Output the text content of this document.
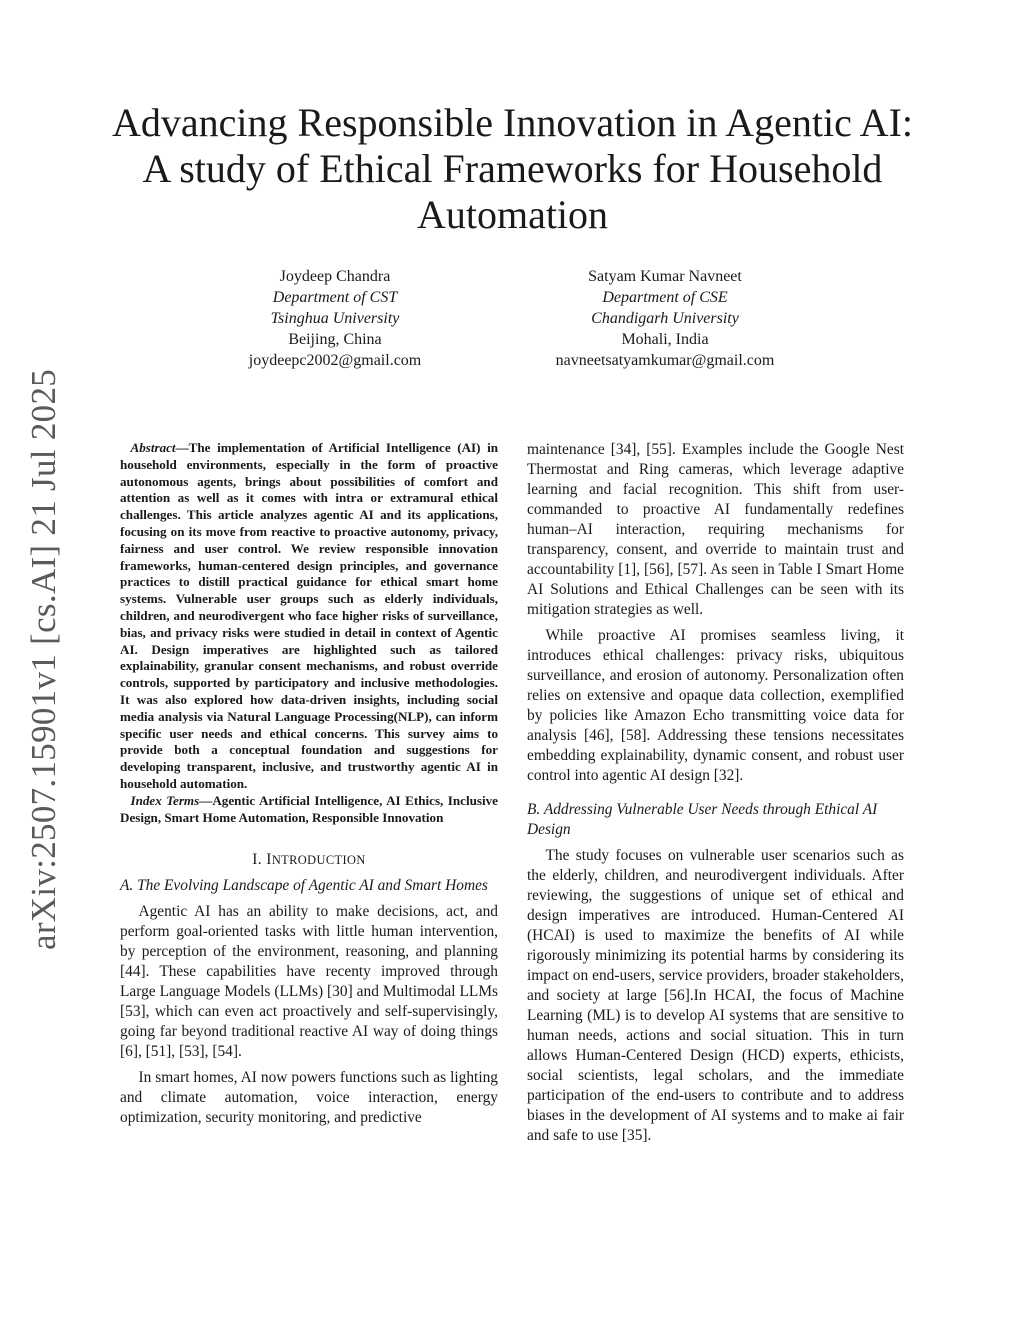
arXiv:2507.15901v1 [cs.AI] 21 Jul 2025
Advancing Responsible Innovation in Agentic AI: A study of Ethical Frameworks for Household Automation
Joydeep Chandra
Department of CST
Tsinghua University
Beijing, China
joydeepc2002@gmail.com
Satyam Kumar Navneet
Department of CSE
Chandigarh University
Mohali, India
navneetsatyamkumar@gmail.com

Abstract—The implementation of Artificial Intelligence (AI) in household environments, especially in the form of proactive autonomous agents, brings about possibilities of comfort and attention as well as it comes with intra or extramural ethical challenges. This article analyzes agentic AI and its applications, focusing on its move from reactive to proactive autonomy, privacy, fairness and user control. We review responsible innovation frameworks, human-centered design principles, and governance practices to distill practical guidance for ethical smart home systems. Vulnerable user groups such as elderly individuals, children, and neurodivergent who face higher risks of surveillance, bias, and privacy risks were studied in detail in context of Agentic AI. Design imperatives are highlighted such as tailored explainability, granular consent mechanisms, and robust override controls, supported by participatory and inclusive methodologies. It was also explored how data-driven insights, including social media analysis via Natural Language Processing(NLP), can inform specific user needs and ethical concerns. This survey aims to provide both a conceptual foundation and suggestions for developing transparent, inclusive, and trustworthy agentic AI in household automation.

Index Terms—Agentic Artificial Intelligence, AI Ethics, Inclusive Design, Smart Home Automation, Responsible Innovation

I. INTRODUCTION
A. The Evolving Landscape of Agentic AI and Smart Homes

Agentic AI has an ability to make decisions, act, and perform goal-oriented tasks with little human intervention, by perception of the environment, reasoning, and planning [44]. These capabilities have recenty improved through Large Language Models (LLMs) [30] and Multimodal LLMs [53], which can even act proactively and self-supervisingly, going far beyond traditional reactive AI way of doing things [6], [51], [53], [54].

In smart homes, AI now powers functions such as lighting and climate automation, voice interaction, energy optimization, security monitoring, and predictive

maintenance [34], [55]. Examples include the Google Nest Thermostat and Ring cameras, which leverage adaptive learning and facial recognition. This shift from user-commanded to proactive AI fundamentally redefines human–AI interaction, requiring mechanisms for transparency, consent, and override to maintain trust and accountability [1], [56], [57]. As seen in Table I Smart Home AI Solutions and Ethical Challenges can be seen with its mitigation strategies as well.

While proactive AI promises seamless living, it introduces ethical challenges: privacy risks, ubiquitous surveillance, and erosion of autonomy. Personalization often relies on extensive and opaque data collection, exemplified by policies like Amazon Echo transmitting voice data for analysis [46], [58]. Addressing these tensions necessitates embedding explainability, dynamic consent, and robust user control into agentic AI design [32].

B. Addressing Vulnerable User Needs through Ethical AI Design

The study focuses on vulnerable user scenarios such as the elderly, children, and neurodivergent individuals. After reviewing, the suggestions of unique set of ethical and design imperatives are introduced. Human-Centered AI (HCAI) is used to maximize the benefits of AI while rigorously minimizing its potential harms by considering its impact on end-users, service providers, broader stakeholders, and society at large [56].In HCAI, the focus of Machine Learning (ML) is to develop AI systems that are sensitive to human needs, actions and social situation. This in turn allows Human-Centered Design (HCD) experts, ethicists, social scientists, legal scholars, and the immediate participation of the end-users to contribute and to address biases in the development of AI systems and to make ai fair and safe to use [35].
